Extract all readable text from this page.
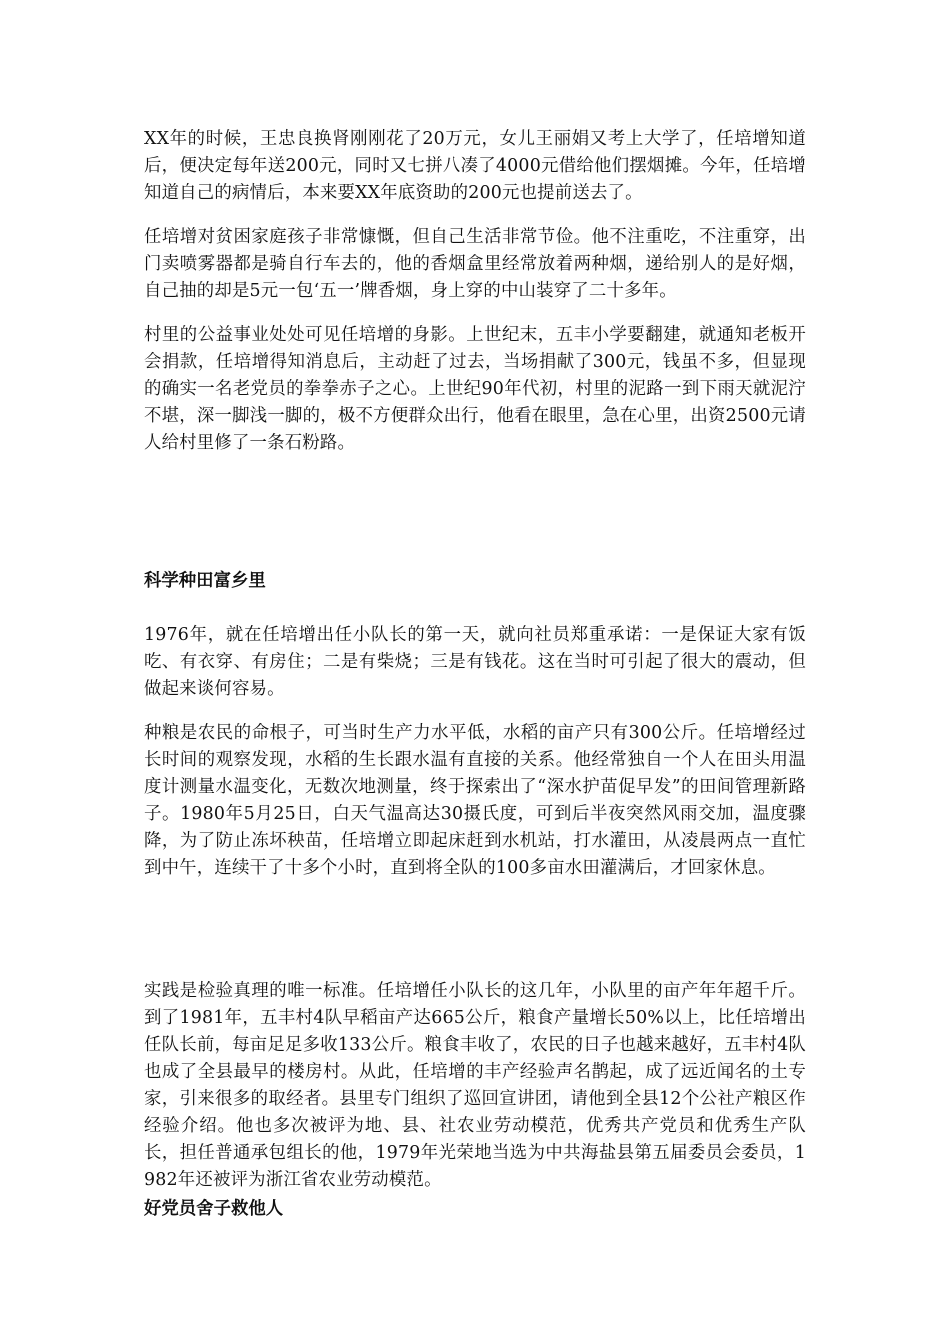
XX年的时候，王忠良换肾刚刚花了20万元，女儿王丽娟又考上大学了，任培增知道后，便决定每年送200元，同时又七拼八凑了4000元借给他们摆烟摊。今年，任培增知道自己的病情后，本来要XX年底资助的200元也提前送去了。

任培增对贫困家庭孩子非常慷慨，但自己生活非常节俭。他不注重吃，不注重穿，出门卖喷雾器都是骑自行车去的，他的香烟盒里经常放着两种烟，递给别人的是好烟，自己抽的却是5元一包‘五一’牌香烟，身上穿的中山装穿了二十多年。

村里的公益事业处处可见任培增的身影。上世纪末，五丰小学要翻建，就通知老板开会捐款，任培增得知消息后，主动赶了过去，当场捐献了300元，钱虽不多，但显现的确实一名老党员的拳拳赤子之心。上世纪90年代初，村里的泥路一到下雨天就泥泞不堪，深一脚浅一脚的，极不方便群众出行，他看在眼里，急在心里，出资2500元请人给村里修了一条石粉路。

科学种田富乡里

1976年，就在任培增出任小队长的第一天，就向社员郑重承诺：一是保证大家有饭吃、有衣穿、有房住；二是有柴烧；三是有钱花。这在当时可引起了很大的震动，但做起来谈何容易。

种粮是农民的命根子，可当时生产力水平低，水稻的亩产只有300公斤。任培增经过长时间的观察发现，水稻的生长跟水温有直接的关系。他经常独自一个人在田头用温度计测量水温变化，无数次地测量，终于探索出了“深水护苗促早发”的田间管理新路子。1980年5月25日，白天气温高达30摄氏度，可到后半夜突然风雨交加，温度骤降，为了防止冻坏秧苗，任培增立即起床赶到水机站，打水灌田，从凌晨两点一直忙到中午，连续干了十多个小时，直到将全队的100多亩水田灌满后，才回家休息。

实践是检验真理的唯一标准。任培增任小队长的这几年，小队里的亩产年年超千斤。到了1981年，五丰村4队早稻亩产达665公斤，粮食产量增长50%以上，比任培增出任队长前，每亩足足多收133公斤。粮食丰收了，农民的日子也越来越好，五丰村4队也成了全县最早的楼房村。从此，任培增的丰产经验声名鹊起，成了远近闻名的土专家，引来很多的取经者。县里专门组织了巡回宣讲团，请他到全县12个公社产粮区作经验介绍。他也多次被评为地、县、社农业劳动模范，优秀共产党员和优秀生产队长，担任普通承包组长的他，1979年光荣地当选为中共海盐县第五届委员会委员，1982年还被评为浙江省农业劳动模范。

好党员舍子救他人
